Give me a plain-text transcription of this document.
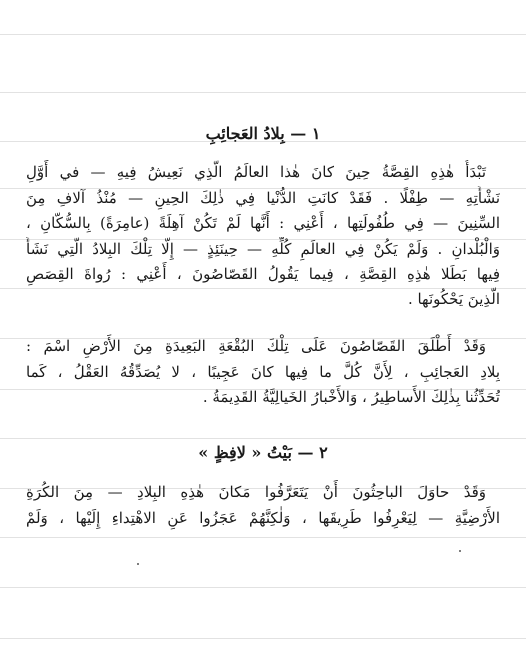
١ — بِلادُ العَجائِبِ
تَبْدَأُ هٰذِهِ القِصَّةُ حِينَ كانَ هٰذا العالَمُ الَّذِي نَعِيشُ فِيهِ — في أَوَّلِ
نَشْأَتِهِ — طِفْلًا . فَقَدْ كانَتِ الدُّنْيا فِي ذٰلِكَ الحِينِ — مُنْذُ آلافِ مِنَ
السِّنِينَ — فِي طُفُولَتِها ، أَعْنِي : أَنَّها لَمْ تَكُنْ آهِلَةً (عامِرَةً) بِالسُّكّانِ ،
وَالْبُلْدانِ . وَلَمْ يَكُنْ فِي العالَمِ كُلِّهِ — حِينَئِذٍ — إِلّا تِلْكَ البِلادُ الَّتِي نَشَأَ
فِيها بَطَلا هٰذِهِ القِصَّةِ ، فِيما يَقُولُ القَصّاصُونَ ، أَعْنِي : رُواةَ القِصَصِ
الَّذِينَ يَحْكُونَها .
وَقَدْ أَطْلَقَ القَصّاصُونَ عَلَى تِلْكَ البُقْعَةِ البَعِيدَةِ مِنَ الأَرْضِ اسْمَ :
بِلادِ العَجائِبِ ، لِأَنَّ كُلَّ ما فِيها كانَ عَجِيبًا ، لا يُصَدِّقُهُ العَقْلُ ، كَما
تُحَدِّثُنا بِذٰلِكَ الأَساطِيرُ ، وَالأَخْبارُ الخَيالِيَّةُ القَدِيمَةُ .
٢ — بَيْتُ « لافِظٍ »
وَقَدْ حاوَلَ الباحِثُونَ أَنْ يَتَعَرَّفُوا مَكانَ هٰذِهِ البِلادِ — مِنَ الكُرَةِ
الأَرْضِيَّةِ — لِيَعْرِفُوا طَرِيقَها ، وَلٰكِنَّهُمْ عَجَزُوا عَنِ الاهْتِداءِ إِلَيْها ، وَلَمْ
